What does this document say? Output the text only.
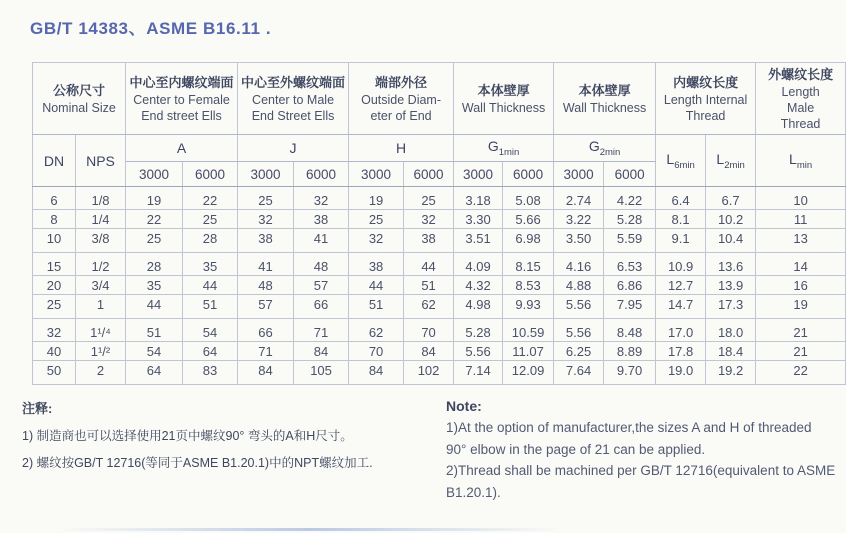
GB/T 14383、ASME B16.11 .
公称尺寸
Nominal Size

中心至内螺纹端面
Center to Female
End street Ells

中心至外螺纹端面
Center to Male
End Street Ells

端部外径
Outside Diam-
eter of End

本体壁厚
Wall Thickness

本体壁厚
Wall Thickness

内螺纹长度
Length Internal
Thread

外螺纹长度
Length
Male
Thread

DN	NPS	A		J		H		$G_{1min}$		$G_{2min}$		$L_{6min}$	$L_{2min}$	$L_{min}$
		3000	6000	3000	6000	3000	6000	3000	6000	3000	6000			
6	1/8	19	22	25	32	19	25	3.18	5.08	2.74	4.22	6.4	6.7	10
8	1/4	22	25	32	38	25	32	3.30	5.66	3.22	5.28	8.1	10.2	11
10	3/8	25	28	38	41	32	38	3.51	6.98	3.50	5.59	9.1	10.4	13
15	1/2	28	35	41	48	38	44	4.09	8.15	4.16	6.53	10.9	13.6	14
20	3/4	35	44	48	57	44	51	4.32	8.53	4.88	6.86	12.7	13.9	16
25	1	44	51	57	66	51	62	4.98	9.93	5.56	7.95	14.7	17.3	19
32	1¹/⁴	51	54	66	71	62	70	5.28	10.59	5.56	8.48	17.0	18.0	21
40	1¹/²	54	64	71	84	70	84	5.56	11.07	6.25	8.89	17.8	18.4	21
50	2	64	83	84	105	84	102	7.14	12.09	7.64	9.70	19.0	19.2	22
注释:
1) 制造商也可以选择使用21页中螺纹90° 弯头的A和H尺寸。
2) 螺纹按GB/T 12716(等同于ASME B1.20.1)中的NPT螺纹加工.
Note:
1)At the option of manufacturer,the sizes A and H of threaded
90° elbow in the page of 21 can be applied.
2)Thread shall be machined per GB/T 12716(equivalent to ASME
B1.20.1).
